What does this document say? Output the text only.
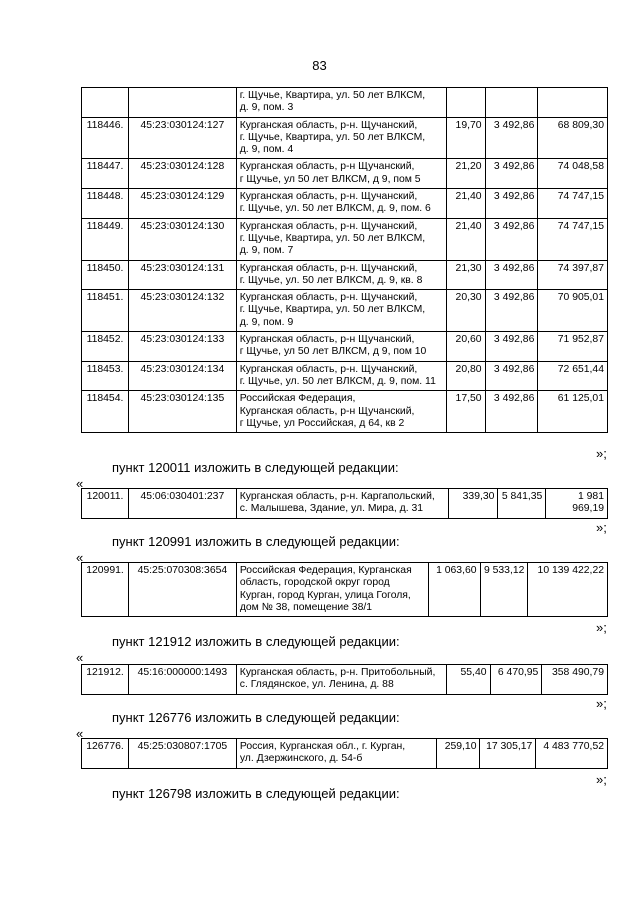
83

		г. Щучье, Квартира, ул. 50 лет ВЛКСМ,
д. 9, пом. 3			

118446.	45:23:030124:127	Курганская область, р-н. Щучанский,
г. Щучье, Квартира, ул. 50 лет ВЛКСМ,
д. 9, пом. 4	19,70	3 492,86	68 809,30
118447.	45:23:030124:128	Курганская область, р-н Щучанский,
г Щучье, ул 50 лет ВЛКСМ, д 9, пом 5	21,20	3 492,86	74 048,58
118448.	45:23:030124:129	Курганская область, р-н. Щучанский,
г. Щучье, ул. 50 лет ВЛКСМ, д. 9, пом. 6	21,40	3 492,86	74 747,15
118449.	45:23:030124:130	Курганская область, р-н. Щучанский,
г. Щучье, Квартира, ул. 50 лет ВЛКСМ,
д. 9, пом. 7	21,40	3 492,86	74 747,15
118450.	45:23:030124:131	Курганская область, р-н. Щучанский,
г. Щучье, ул. 50 лет ВЛКСМ, д. 9, кв. 8	21,30	3 492,86	74 397,87
118451.	45:23:030124:132	Курганская область, р-н. Щучанский,
г. Щучье, Квартира, ул. 50 лет ВЛКСМ,
д. 9, пом. 9	20,30	3 492,86	70 905,01
118452.	45:23:030124:133	Курганская область, р-н Щучанский,
г Щучье, ул 50 лет ВЛКСМ, д 9, пом 10	20,60	3 492,86	71 952,87
118453.	45:23:030124:134	Курганская область, р-н. Щучанский,
г. Щучье, ул. 50 лет ВЛКСМ, д. 9, пом. 11	20,80	3 492,86	72 651,44
118454.	45:23:030124:135	Российская Федерация,
Курганская область, р-н Щучанский,
г Щучье, ул Российская, д 64, кв 2	17,50	3 492,86	61 125,01
»;
пункт 120011 изложить в следующей редакции:
«
120011.	45:06:030401:237	Курганская область, р-н. Каргапольский,
с. Малышева, Здание, ул. Мира, д. 31
	339,30	5 841,35	1 981 969,19
»;
пункт 120991 изложить в следующей редакции:
«
120991.	45:25:070308:3654	Российская Федерация, Курганская
область, городской округ город
Курган, город Курган, улица Гоголя,
дом № 38, помещение 38/1
	1 063,60	9 533,12	10 139 422,22
»;
пункт 121912 изложить в следующей редакции:
«
121912.	45:16:000000:1493	Курганская область, р-н. Притобольный,
с. Глядянское, ул. Ленина, д. 88
	55,40	6 470,95	358 490,79
»;
пункт 126776 изложить в следующей редакции:
«
126776.	45:25:030807:1705	Россия, Курганская обл., г. Курган,
ул. Дзержинского, д. 54-б
	259,10	17 305,17	4 483 770,52
»;
пункт 126798 изложить в следующей редакции:
